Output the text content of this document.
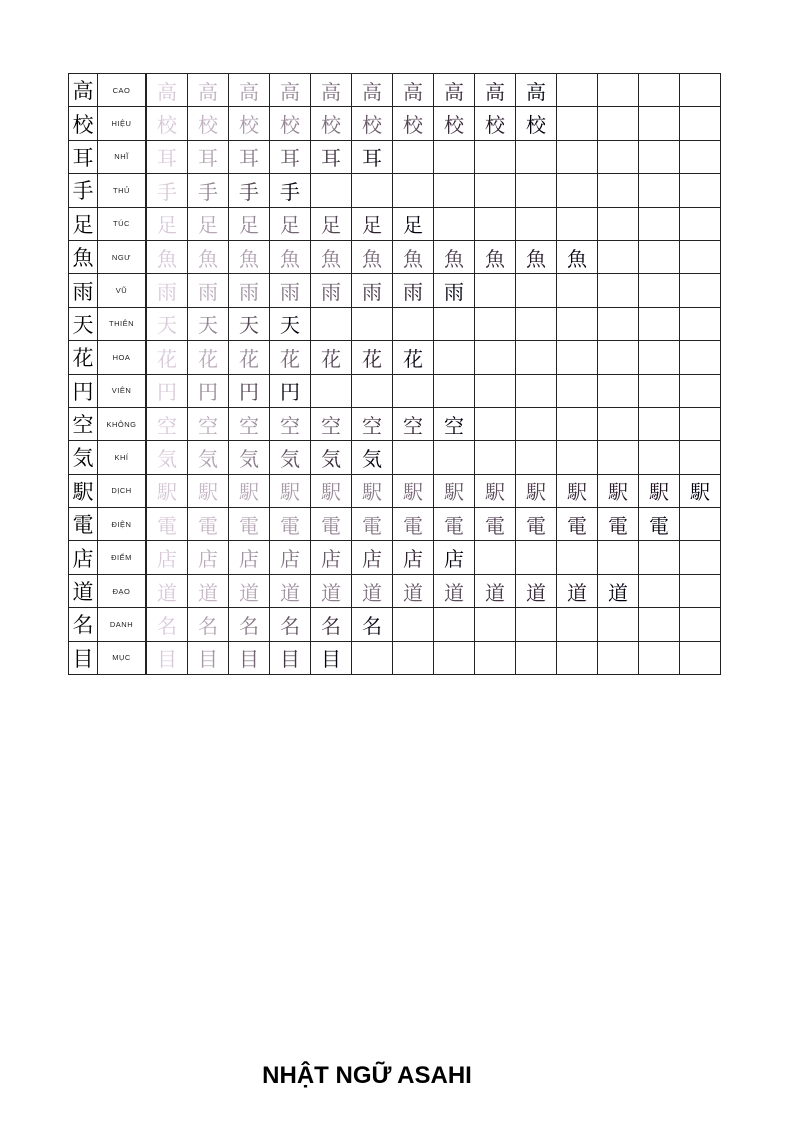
高	CAO	高	高	高	高	高	高	高	高	高	高				
校	HIỆU	校	校	校	校	校	校	校	校	校	校				
耳	NHĨ	耳	耳	耳	耳	耳	耳								
手	THỦ	手	手	手	手										
足	TÚC	足	足	足	足	足	足	足							
魚	NGƯ	魚	魚	魚	魚	魚	魚	魚	魚	魚	魚	魚			
雨	VŨ	雨	雨	雨	雨	雨	雨	雨	雨						
天	THIÊN	天	天	天	天										
花	HOA	花	花	花	花	花	花	花							
円	VIÊN	円	円	円	円										
空	KHÔNG	空	空	空	空	空	空	空	空						
気	KHÍ	気	気	気	気	気	気								
駅	DỊCH	駅	駅	駅	駅	駅	駅	駅	駅	駅	駅	駅	駅	駅	駅
電	ĐIỆN	電	電	電	電	電	電	電	電	電	電	電	電	電	
店	ĐIẾM	店	店	店	店	店	店	店	店						
道	ĐẠO	道	道	道	道	道	道	道	道	道	道	道	道		
名	DANH	名	名	名	名	名	名								
目	MỤC	目	目	目	目	目									
NHẬT NGỮ ASAHI
